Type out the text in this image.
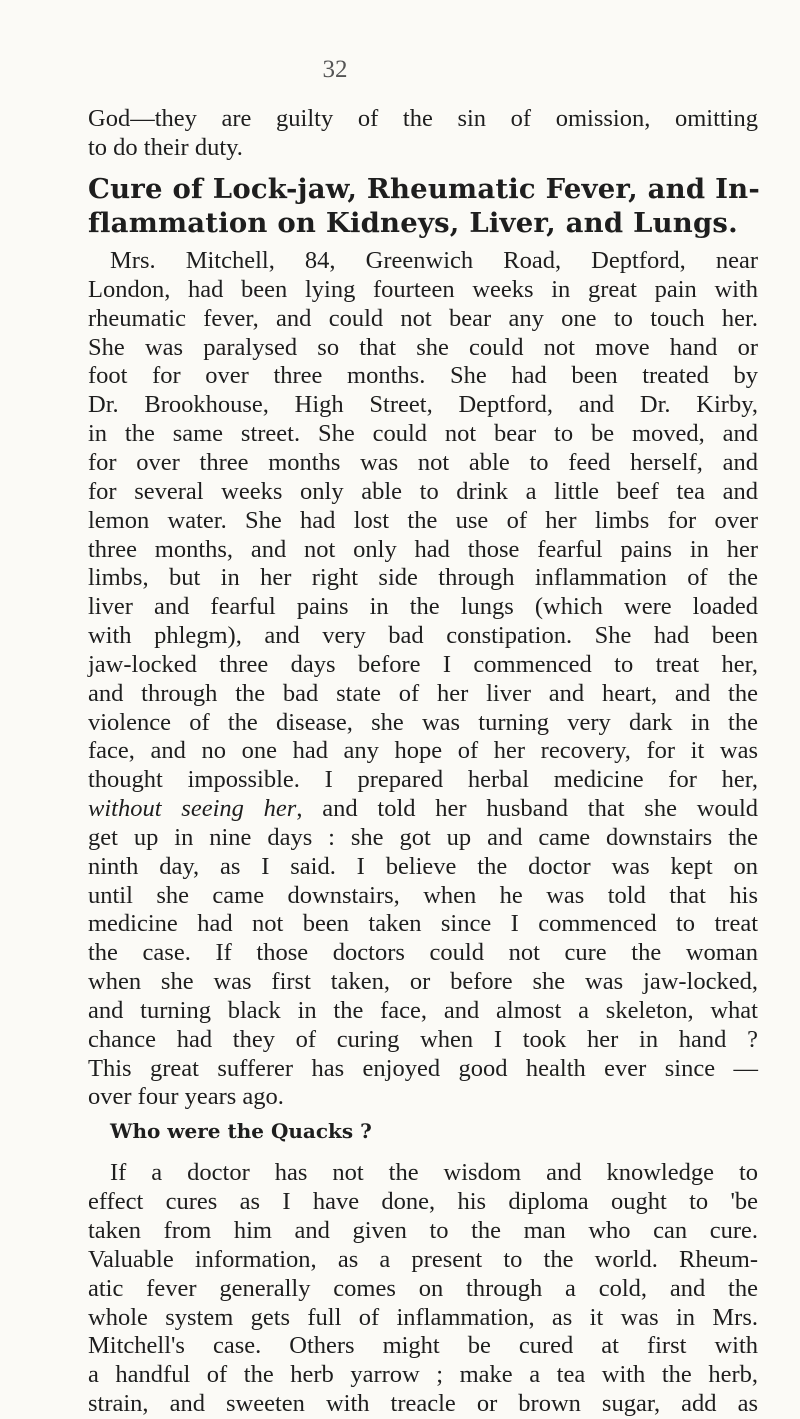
32
God—they are guilty of the sin of omission, omitting
to do their duty.
Cure of Lock-jaw, Rheumatic Fever, and In-
flammation on Kidneys, Liver, and Lungs.
Mrs. Mitchell, 84, Greenwich Road, Deptford, near
London, had been lying fourteen weeks in great pain with
rheumatic fever, and could not bear any one to touch her.
She was paralysed so that she could not move hand or
foot for over three months. She had been treated by
Dr. Brookhouse, High Street, Deptford, and Dr. Kirby,
in the same street. She could not bear to be moved, and
for over three months was not able to feed herself, and
for several weeks only able to drink a little beef tea and
lemon water. She had lost the use of her limbs for over
three months, and not only had those fearful pains in her
limbs, but in her right side through inflammation of the
liver and fearful pains in the lungs (which were loaded
with phlegm), and very bad constipation. She had been
jaw-locked three days before I commenced to treat her,
and through the bad state of her liver and heart, and the
violence of the disease, she was turning very dark in the
face, and no one had any hope of her recovery, for it was
thought impossible. I prepared herbal medicine for her,
without seeing her, and told her husband that she would
get up in nine days : she got up and came downstairs the
ninth day, as I said. I believe the doctor was kept on
until she came downstairs, when he was told that his
medicine had not been taken since I commenced to treat
the case. If those doctors could not cure the woman
when she was first taken, or before she was jaw-locked,
and turning black in the face, and almost a skeleton, what
chance had they of curing when I took her in hand ?
This great sufferer has enjoyed good health ever since —
over four years ago.
Who were the Quacks ?
If a doctor has not the wisdom and knowledge to
effect cures as I have done, his diploma ought to 'be
taken from him and given to the man who can cure.
Valuable information, as a present to the world. Rheum-
atic fever generally comes on through a cold, and the
whole system gets full of inflammation, as it was in Mrs.
Mitchell's case. Others might be cured at first with
a handful of the herb yarrow ; make a tea with the herb,
strain, and sweeten with treacle or brown sugar, add as
